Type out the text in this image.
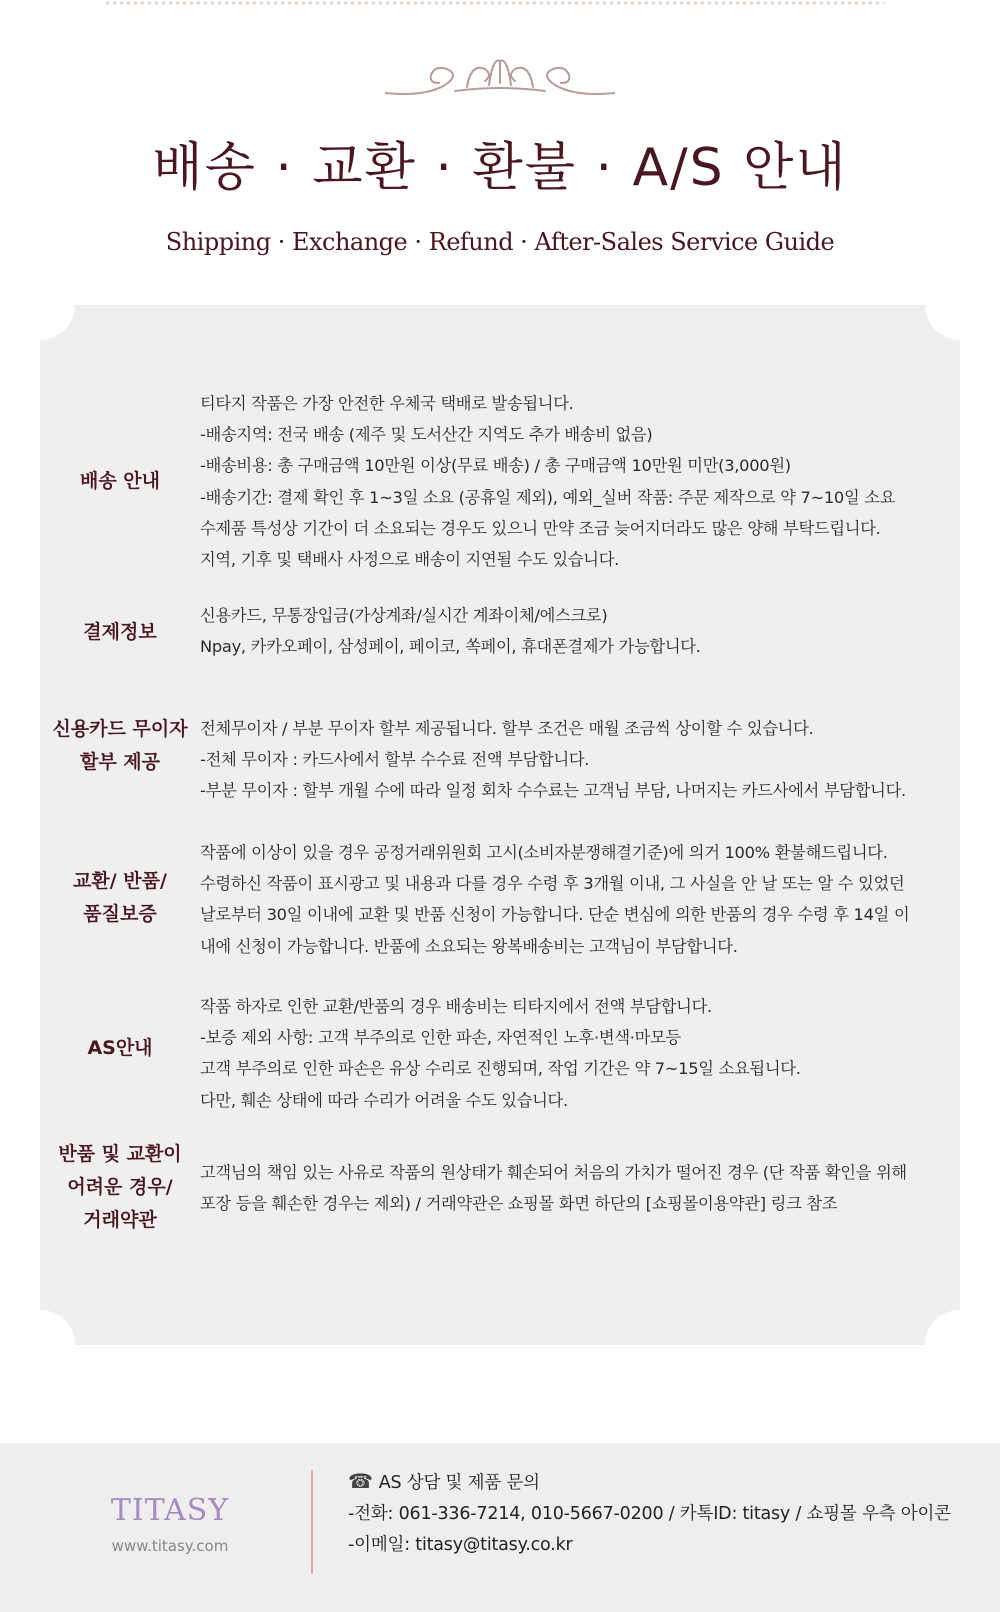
배송 · 교환 · 환불 · A/S 안내

Shipping · Exchange · Refund · After-Sales Service Guide

배송 안내
티타지 작품은 가장 안전한 우체국 택배로 발송됩니다.
-배송지역: 전국 배송 (제주 및 도서산간 지역도 추가 배송비 없음)
-배송비용: 총 구매금액 10만원 이상(무료 배송) / 총 구매금액 10만원 미만(3,000원)
-배송기간: 결제 확인 후 1~3일 소요 (공휴일 제외), 예외_실버 작품: 주문 제작으로 약 7~10일 소요
수제품 특성상 기간이 더 소요되는 경우도 있으니 만약 조금 늦어지더라도 많은 양해 부탁드립니다.
지역, 기후 및 택배사 사정으로 배송이 지연될 수도 있습니다.
결제정보
신용카드, 무통장입금(가상계좌/실시간 계좌이체/에스크로)
Npay, 카카오페이, 삼성페이, 페이코, 쏙페이, 휴대폰결제가 가능합니다.
신용카드 무이자
할부 제공
전체무이자 / 부분 무이자 할부 제공됩니다. 할부 조건은 매월 조금씩 상이할 수 있습니다.
-전체 무이자 : 카드사에서 할부 수수료 전액 부담합니다.
-부분 무이자 : 할부 개월 수에 따라 일정 회차 수수료는 고객님 부담, 나머지는 카드사에서 부담합니다.
교환/ 반품/
품질보증
작품에 이상이 있을 경우 공정거래위원회 고시(소비자분쟁해결기준)에 의거 100% 환불해드립니다.
수령하신 작품이 표시광고 및 내용과 다를 경우 수령 후 3개월 이내, 그 사실을 안 날 또는 알 수 있었던
날로부터 30일 이내에 교환 및 반품 신청이 가능합니다. 단순 변심에 의한 반품의 경우 수령 후 14일 이
내에 신청이 가능합니다. 반품에 소요되는 왕복배송비는 고객님이 부담합니다.
AS안내
작품 하자로 인한 교환/반품의 경우 배송비는 티타지에서 전액 부담합니다.
-보증 제외 사항: 고객 부주의로 인한 파손, 자연적인 노후·변색·마모등
고객 부주의로 인한 파손은 유상 수리로 진행되며, 작업 기간은 약 7~15일 소요됩니다.
다만, 훼손 상태에 따라 수리가 어려울 수도 있습니다.
반품 및 교환이
어려운 경우/
거래약관
고객님의 책임 있는 사유로 작품의 원상태가 훼손되어 처음의 가치가 떨어진 경우 (단 작품 확인을 위해
포장 등을 훼손한 경우는 제외) / 거래약관은 쇼핑몰 화면 하단의 [쇼핑몰이용약관] 링크 참조
TITASY
www.titasy.com
☎ AS 상담 및 제품 문의
-전화: 061-336-7214, 010-5667-0200 / 카톡ID: titasy / 쇼핑몰 우측 아이콘
-이메일: titasy@titasy.co.kr
